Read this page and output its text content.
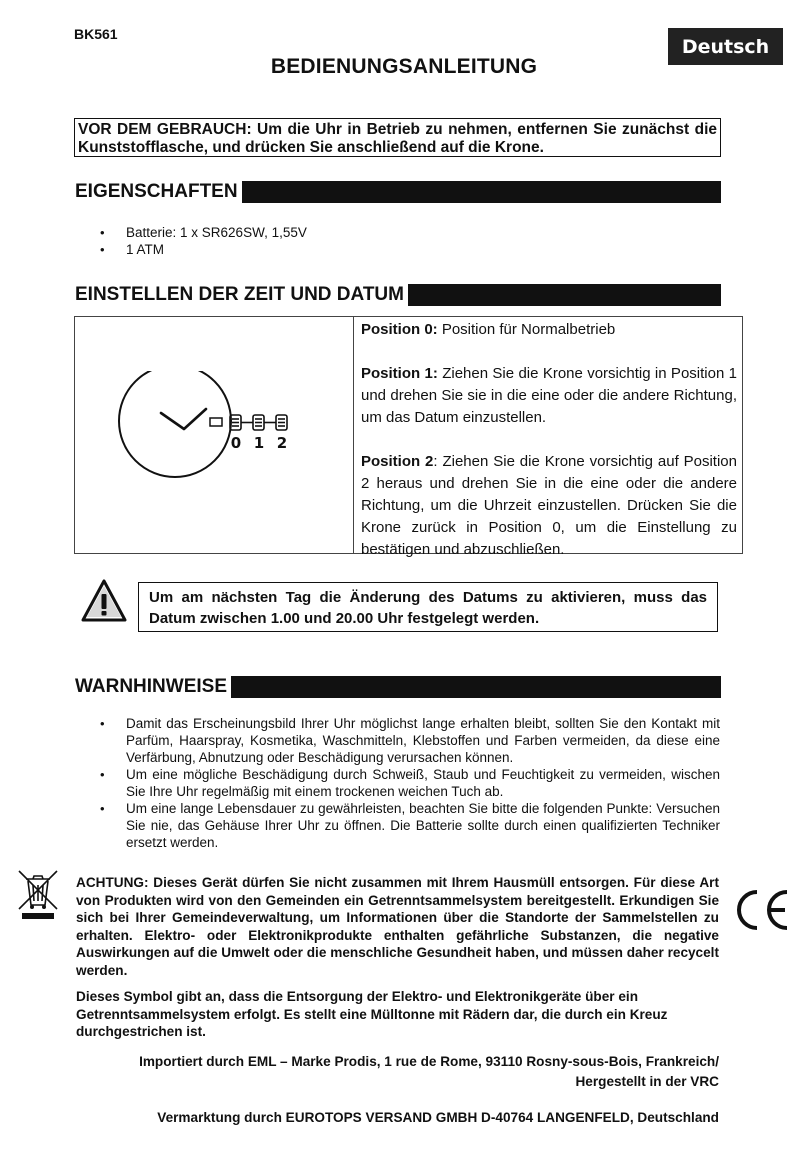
BK561
Deutsch
BEDIENUNGSANLEITUNG
VOR DEM GEBRAUCH: Um die Uhr in Betrieb zu nehmen, entfernen Sie zunächst die Kunststofflasche, und drücken Sie anschließend auf die Krone.
EIGENSCHAFTEN
• Batterie: 1 x SR626SW, 1,55V
• 1 ATM
EINSTELLEN DER ZEIT UND DATUM
0 1 2

Position 0: Position für Normalbetrieb

Position 1: Ziehen Sie die Krone vorsichtig in Position 1 und drehen Sie sie in die eine oder die andere Richtung, um das Datum einzustellen.

Position 2: Ziehen Sie die Krone vorsichtig auf Position 2 heraus und drehen Sie in die eine oder die andere Richtung, um die Uhrzeit einzustellen. Drücken Sie die Krone zurück in Position 0, um die Einstellung zu bestätigen und abzuschließen.

Um am nächsten Tag die Änderung des Datums zu aktivieren, muss das Datum zwischen 1.00 und 20.00 Uhr festgelegt werden.
WARNHINWEISE
• Damit das Erscheinungsbild Ihrer Uhr möglichst lange erhalten bleibt, sollten Sie den Kontakt mit Parfüm, Haarspray, Kosmetika, Waschmitteln, Klebstoffen und Farben vermeiden, da diese eine Verfärbung, Abnutzung oder Beschädigung verursachen können.
• Um eine mögliche Beschädigung durch Schweiß, Staub und Feuchtigkeit zu vermeiden, wischen Sie Ihre Uhr regelmäßig mit einem trockenen weichen Tuch ab.
• Um eine lange Lebensdauer zu gewährleisten, beachten Sie bitte die folgenden Punkte: Versuchen Sie nie, das Gehäuse Ihrer Uhr zu öffnen. Die Batterie sollte durch einen qualifizierten Techniker ersetzt werden.
ACHTUNG: Dieses Gerät dürfen Sie nicht zusammen mit Ihrem Hausmüll entsorgen. Für diese Art von Produkten wird von den Gemeinden ein Getrenntsammelsystem bereitgestellt. Erkundigen Sie sich bei Ihrer Gemeindeverwaltung, um Informationen über die Standorte der Sammelstellen zu erhalten. Elektro- oder Elektronikprodukte enthalten gefährliche Substanzen, die negative Auswirkungen auf die Umwelt oder die menschliche Gesundheit haben, und müssen daher recycelt werden.
Dieses Symbol gibt an, dass die Entsorgung der Elektro- und Elektronikgeräte über ein Getrenntsammelsystem erfolgt. Es stellt eine Mülltonne mit Rädern dar, die durch ein Kreuz durchgestrichen ist.
Importiert durch EML – Marke Prodis, 1 rue de Rome, 93110 Rosny-sous-Bois, Frankreich/
Hergestellt in der VRC
Vermarktung durch EUROTOPS VERSAND GMBH D-40764 LANGENFELD, Deutschland
